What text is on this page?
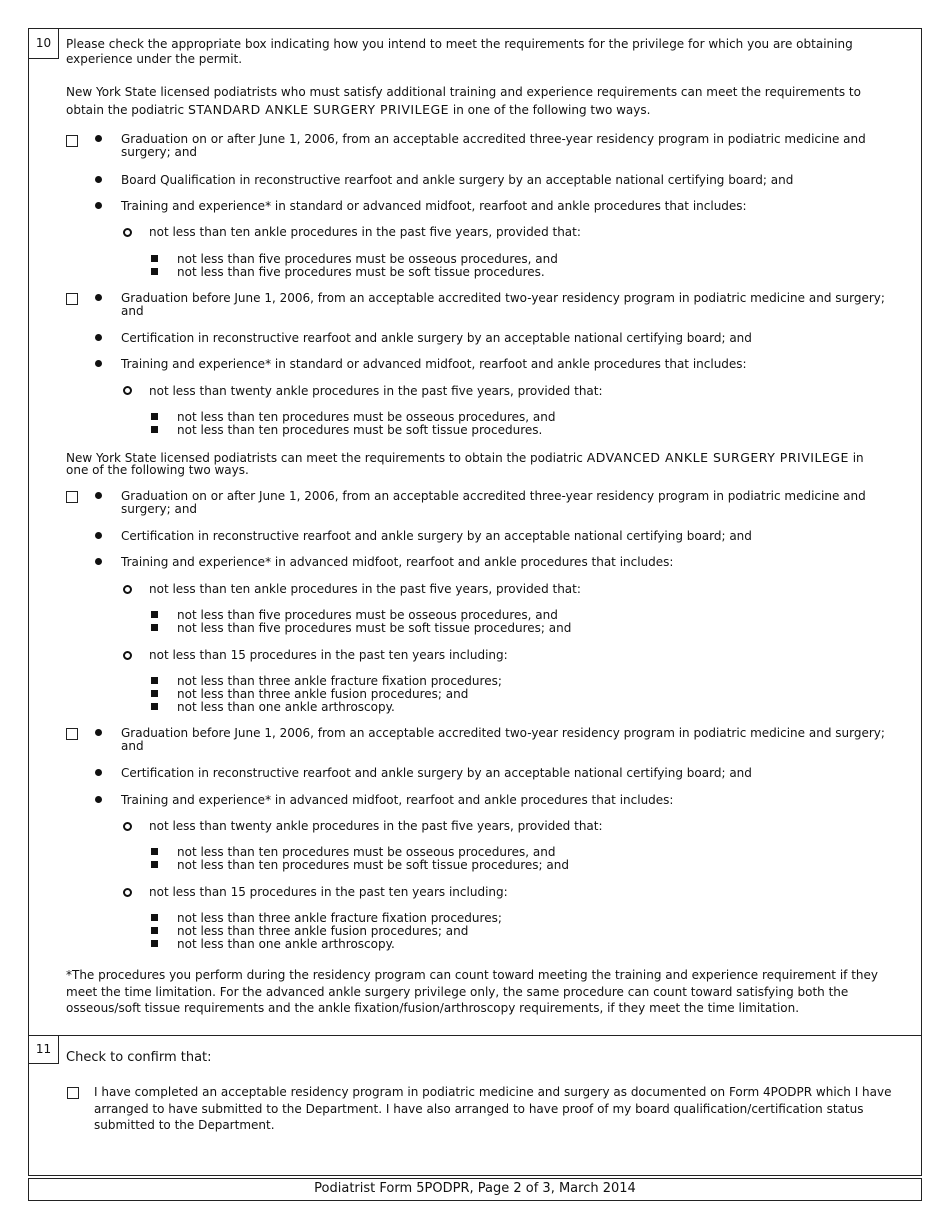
10	Please check the appropriate box indicating how you intend to meet the requirements for the privilege for which you are obtaining experience under the permit.
New York State licensed podiatrists who must satisfy additional training and experience requirements can meet the requirements to
obtain the podiatric STANDARD ANKLE SURGERY PRIVILEGE in one of the following two ways.
Graduation on or after June 1, 2006, from an acceptable accredited three-year residency program in podiatric medicine and surgery; and
Board Qualification in reconstructive rearfoot and ankle surgery by an acceptable national certifying board; and
Training and experience* in standard or advanced midfoot, rearfoot and ankle procedures that includes:
not less than ten ankle procedures in the past five years, provided that:
not less than five procedures must be osseous procedures, and
not less than five procedures must be soft tissue procedures.
Graduation before June 1, 2006, from an acceptable accredited two-year residency program in podiatric medicine and surgery; and
Certification in reconstructive rearfoot and ankle surgery by an acceptable national certifying board; and
Training and experience* in standard or advanced midfoot, rearfoot and ankle procedures that includes:
not less than twenty ankle procedures in the past five years, provided that:
not less than ten procedures must be osseous procedures, and
not less than ten procedures must be soft tissue procedures.
New York State licensed podiatrists can meet the requirements to obtain the podiatric ADVANCED ANKLE SURGERY PRIVILEGE in
one of the following two ways.
Graduation on or after June 1, 2006, from an acceptable accredited three-year residency program in podiatric medicine and surgery; and
Certification in reconstructive rearfoot and ankle surgery by an acceptable national certifying board; and
Training and experience* in advanced midfoot, rearfoot and ankle procedures that includes:
not less than ten ankle procedures in the past five years, provided that:
not less than five procedures must be osseous procedures, and
not less than five procedures must be soft tissue procedures; and
not less than 15 procedures in the past ten years including:
not less than three ankle fracture fixation procedures;
not less than three ankle fusion procedures; and
not less than one ankle arthroscopy.
Graduation before June 1, 2006, from an acceptable accredited two-year residency program in podiatric medicine and surgery; and
Certification in reconstructive rearfoot and ankle surgery by an acceptable national certifying board; and
Training and experience* in advanced midfoot, rearfoot and ankle procedures that includes:
not less than twenty ankle procedures in the past five years, provided that:
not less than ten procedures must be osseous procedures, and
not less than ten procedures must be soft tissue procedures; and
not less than 15 procedures in the past ten years including:
not less than three ankle fracture fixation procedures;
not less than three ankle fusion procedures; and
not less than one ankle arthroscopy.
*The procedures you perform during the residency program can count toward meeting the training and experience requirement if they meet the time limitation. For the advanced ankle surgery privilege only, the same procedure can count toward satisfying both the osseous/soft tissue requirements and the ankle fixation/fusion/arthroscopy requirements, if they meet the time limitation.
11
Check to confirm that:
I have completed an acceptable residency program in podiatric medicine and surgery as documented on Form 4PODPR which I have arranged to have submitted to the Department. I have also arranged to have proof of my board qualification/certification status submitted to the Department.
Podiatrist Form 5PODPR, Page 2 of 3, March 2014
